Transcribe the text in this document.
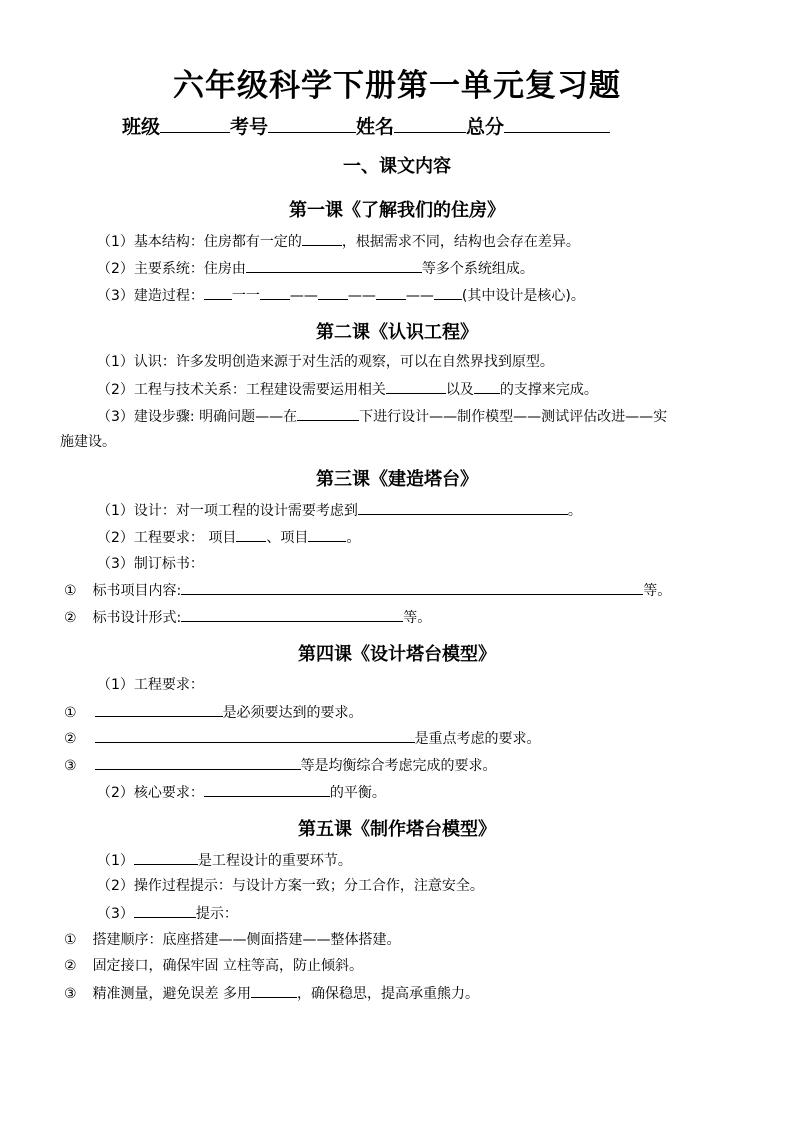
六年级科学下册第一单元复习题
班级	考号	姓名	总分
一、课文内容
第一课《了解我们的住房》
（1）基本结构：住房都有一定的	，根据需求不同，结构也会存在差异。
（2）主要系统：住房由	等多个系统组成。
（3）建造过程： 一一 —— —— —— (其中设计是核心)。
第二课《认识工程》
（1）认识：许多发明创造来源于对生活的观察，可以在自然界找到原型。
（2）工程与技术关系：工程建设需要运用相关	以及 的支撑来完成。
（3）建设步骤: 明确问题——在	下进行设计——制作模型——测试评估改进——实
施建设。
第三课《建造塔台》
（1）设计：对一项工程的设计需要考虑到	。
（2）工程要求： 项目 、项目	。
（3）制订标书：
① 标书项目内容:	等。
② 标书设计形式:	等。
第四课《设计塔台模型》
（1）工程要求：
①	是必须要达到的要求。
②	是重点考虑的要求。
③	等是均衡综合考虑完成的要求。
（2）核心要求：	的平衡。
第五课《制作塔台模型》
（1）	是工程设计的重要环节。
（2）操作过程提示：与设计方案一致；分工合作，注意安全。
（3）	提示：
① 搭建顺序：底座搭建——侧面搭建——整体搭建。
② 固定接口，确保牢固 立柱等高，防止倾斜。
③ 精准测量，避免误差 多用	，确保稳思，提高承重熊力。
